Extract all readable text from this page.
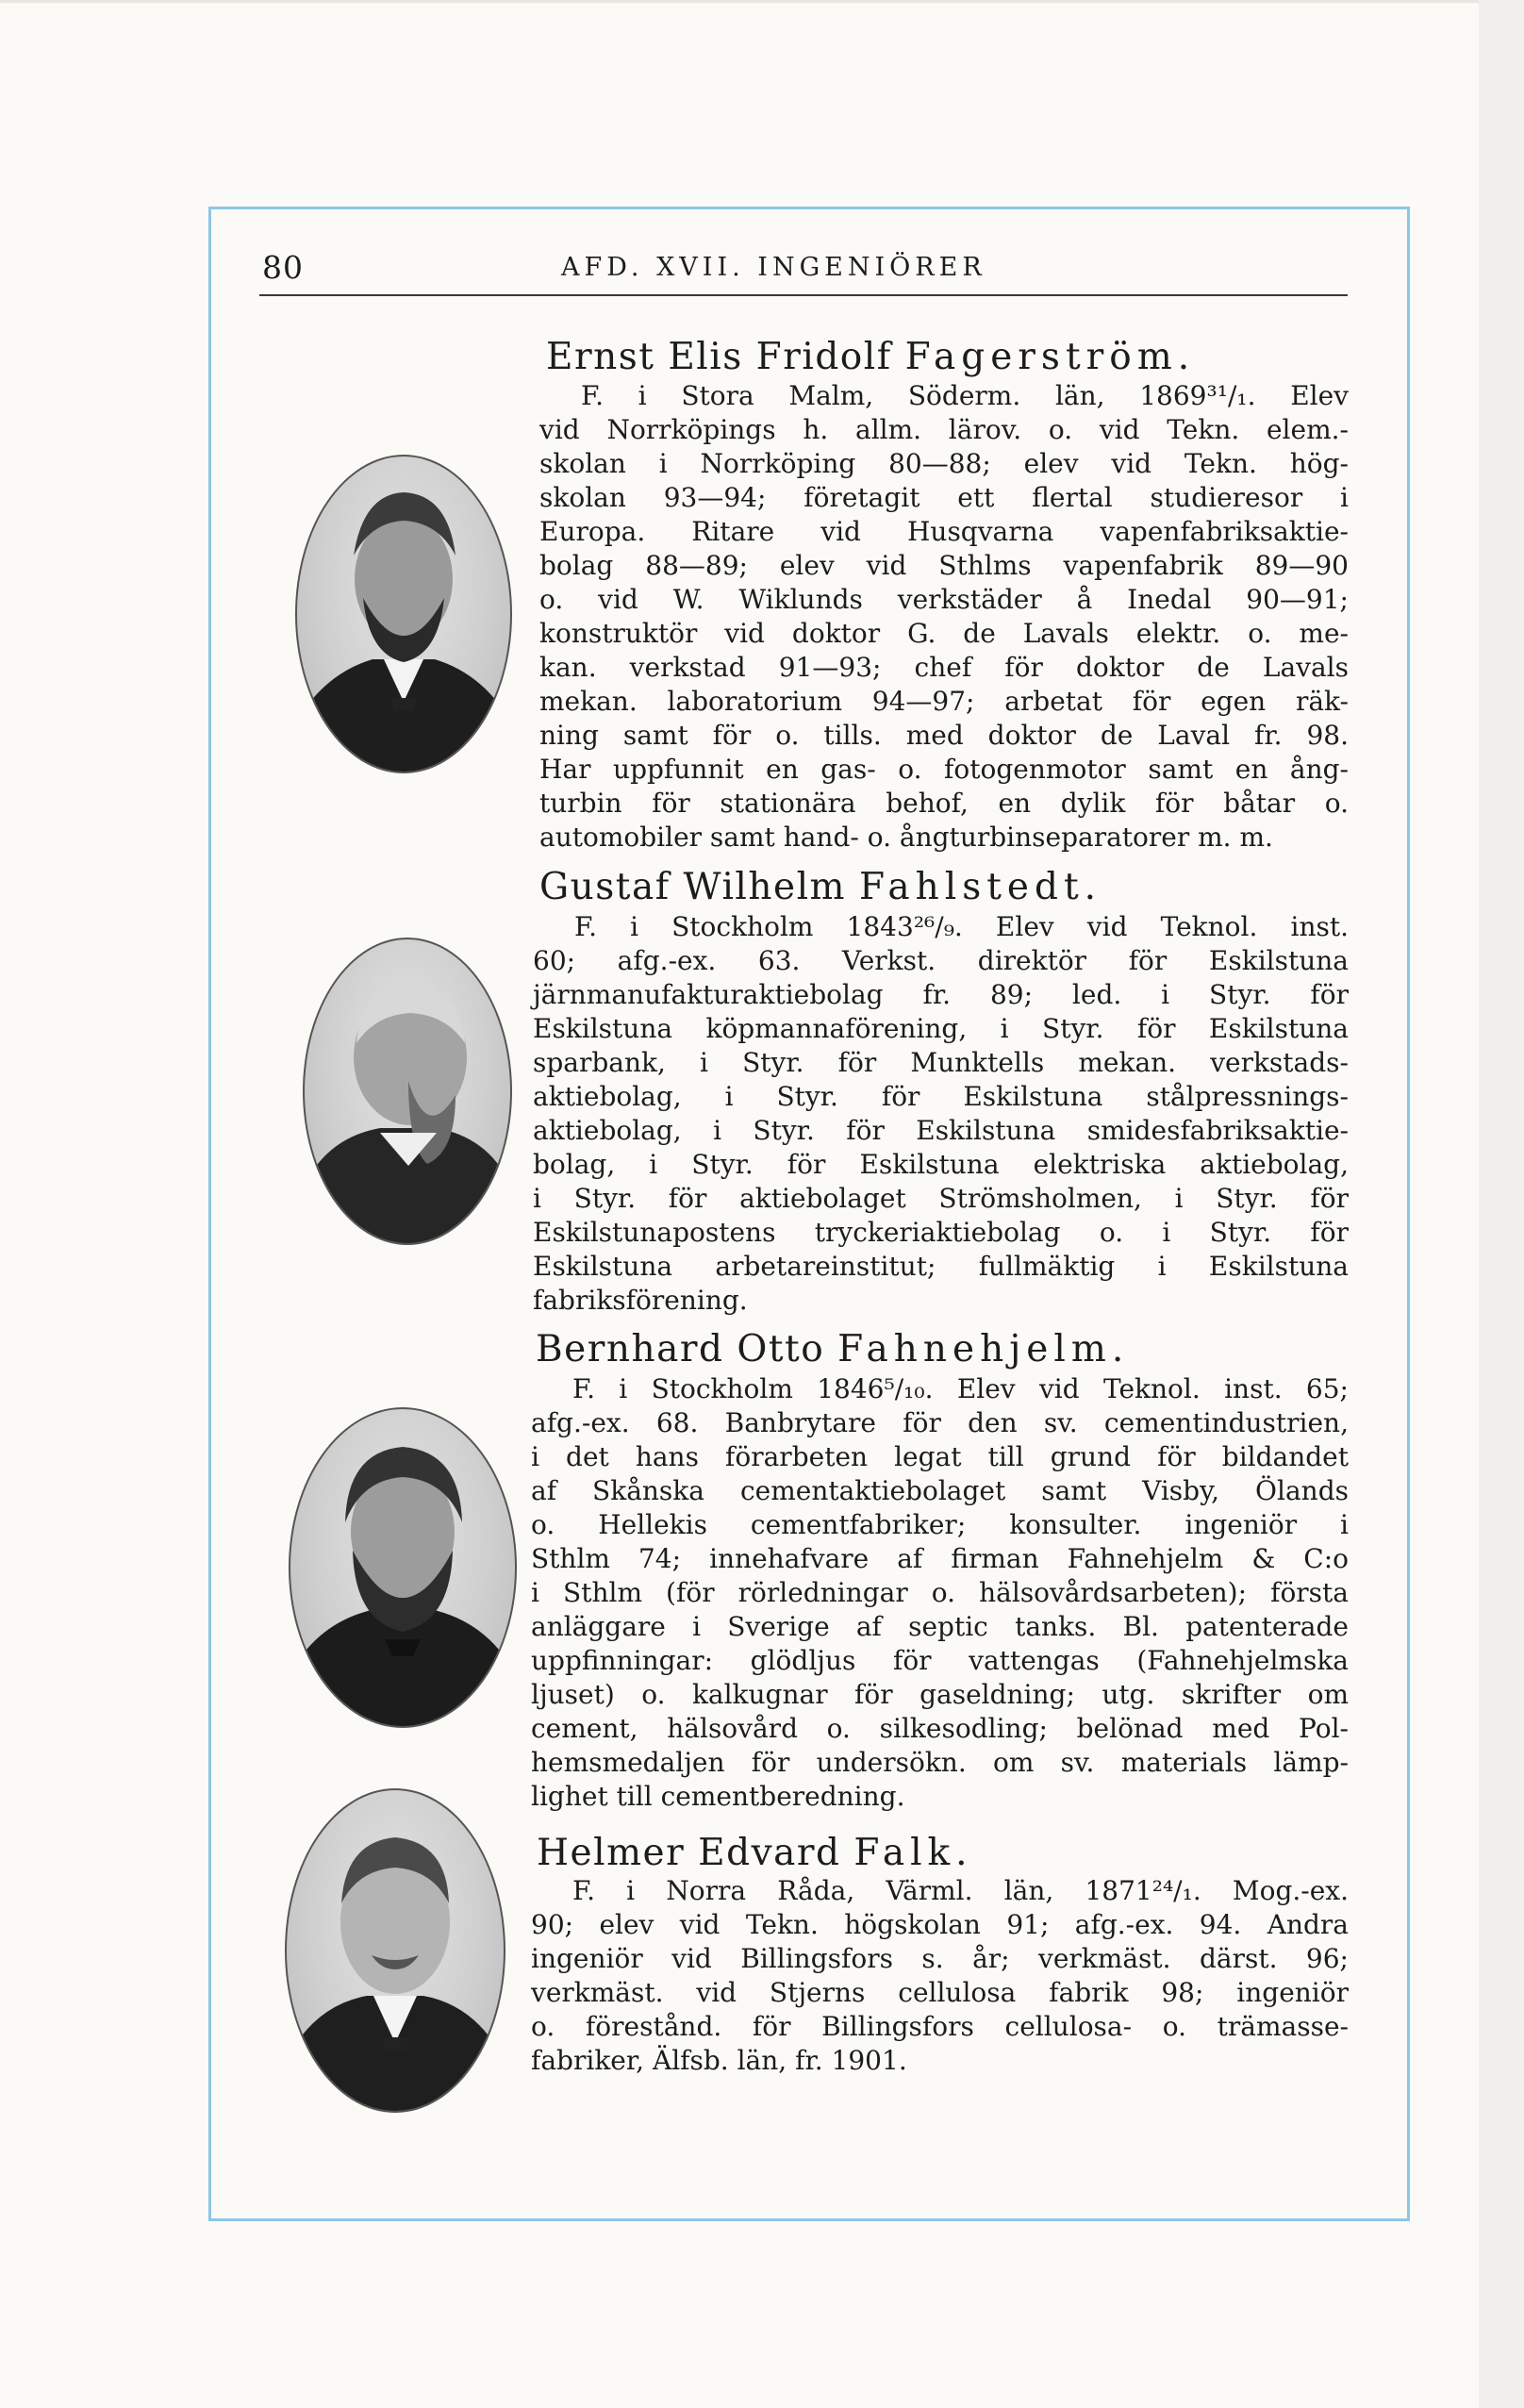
80	AFD. XVII. INGENIÖRER
Ernst Elis Fridolf Fagerström.
F. i Stora Malm, Söderm. län, 1869³¹/₁. Elev
vid Norrköpings h. allm. lärov. o. vid Tekn. elem.-
skolan i Norrköping 80—88; elev vid Tekn. hög-
skolan 93—94; företagit ett flertal studieresor i
Europa. Ritare vid Husqvarna vapenfabriksaktie-
bolag 88—89; elev vid Sthlms vapenfabrik 89—90
o. vid W. Wiklunds verkstäder å Inedal 90—91;
konstruktör vid doktor G. de Lavals elektr. o. me-
kan. verkstad 91—93; chef för doktor de Lavals
mekan. laboratorium 94—97; arbetat för egen räk-
ning samt för o. tills. med doktor de Laval fr. 98.
Har uppfunnit en gas- o. fotogenmotor samt en ång-
turbin för stationära behof, en dylik för båtar o.
automobiler samt hand- o. ångturbinseparatorer m. m.
Gustaf Wilhelm Fahlstedt.
F. i Stockholm 1843²⁶/₉. Elev vid Teknol. inst.
60; afg.-ex. 63. Verkst. direktör för Eskilstuna
järnmanufakturaktiebolag fr. 89; led. i Styr. för
Eskilstuna köpmannaförening, i Styr. för Eskilstuna
sparbank, i Styr. för Munktells mekan. verkstads-
aktiebolag, i Styr. för Eskilstuna stålpressnings-
aktiebolag, i Styr. för Eskilstuna smidesfabriksaktie-
bolag, i Styr. för Eskilstuna elektriska aktiebolag,
i Styr. för aktiebolaget Strömsholmen, i Styr. för
Eskilstunapostens tryckeriaktiebolag o. i Styr. för
Eskilstuna arbetareinstitut; fullmäktig i Eskilstuna
fabriksförening.
Bernhard Otto Fahnehjelm.
F. i Stockholm 1846⁵/₁₀. Elev vid Teknol. inst. 65;
afg.-ex. 68. Banbrytare för den sv. cementindustrien,
i det hans förarbeten legat till grund för bildandet
af Skånska cementaktiebolaget samt Visby, Ölands
o. Hellekis cementfabriker; konsulter. ingeniör i
Sthlm 74; innehafvare af firman Fahnehjelm & C:o
i Sthlm (för rörledningar o. hälsovårdsarbeten); första
anläggare i Sverige af septic tanks. Bl. patenterade
uppfinningar: glödljus för vattengas (Fahnehjelmska
ljuset) o. kalkugnar för gaseldning; utg. skrifter om
cement, hälsovård o. silkesodling; belönad med Pol-
hemsmedaljen för undersökn. om sv. materials lämp-
lighet till cementberedning.
Helmer Edvard Falk.
F. i Norra Råda, Värml. län, 1871²⁴/₁. Mog.-ex.
90; elev vid Tekn. högskolan 91; afg.-ex. 94. Andra
ingeniör vid Billingsfors s. år; verkmäst. därst. 96;
verkmäst. vid Stjerns cellulosa fabrik 98; ingeniör
o. förestånd. för Billingsfors cellulosa- o. trämasse-
fabriker, Älfsb. län, fr. 1901.
